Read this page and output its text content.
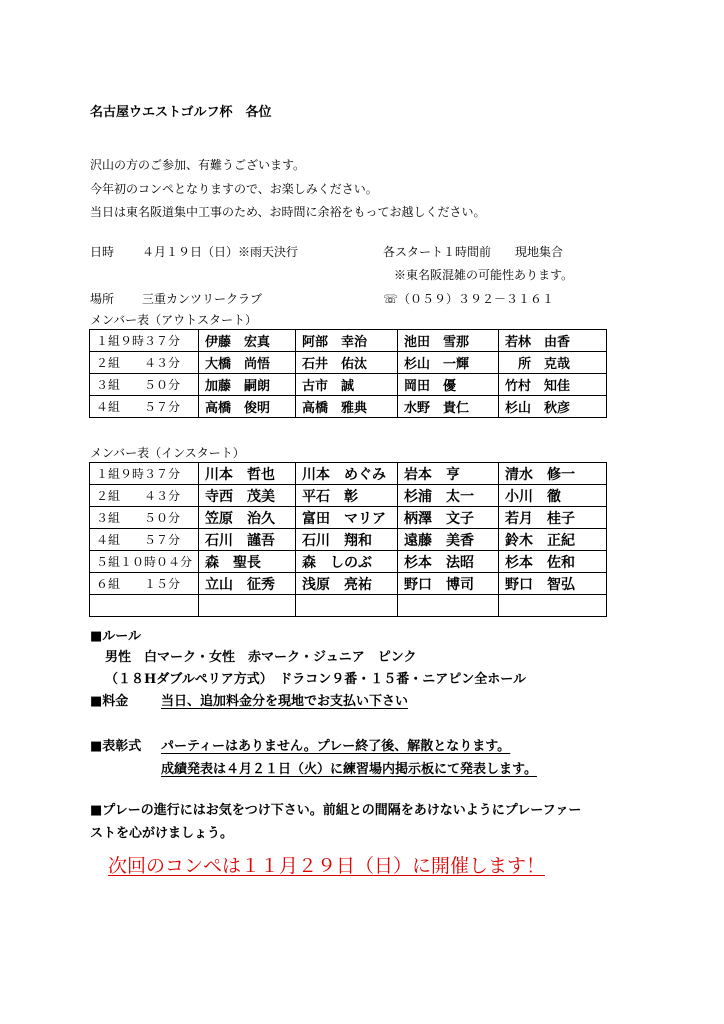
名古屋ウエストゴルフ杯　各位
沢山の方のご参加、有難うございます。
今年初のコンペとなりますので、お楽しみください。
当日は東名阪道集中工事のため、お時間に余裕をもってお越しください。
日時 ４月１９日（日）※雨天決行	各スタート１時間前　　現地集合
※東名阪混雑の可能性あります。
場所 三重カンツリークラブ	☏（０５９）３９２－３１６１
メンバー表（アウトスタート）
１組９時３７分	伊藤　宏真	阿部　幸治	池田　雪那	若林　由香
２組　　４３分	大橋　尚悟	石井　佑汰	杉山　一輝	　所　克哉
３組　　５０分	加藤　嗣朗	古市　誠	岡田　優	竹村　知佳
４組　　５７分	高橋　俊明	高橋　雅典	水野　貴仁	杉山　秋彦
メンバー表（インスタート）
１組９時３７分	川本　哲也	川本　めぐみ	岩本　亨	清水　修一
２組　　４３分	寺西　茂美	平石　彰	杉浦　太一	小川　徹
３組　　５０分	笠原　治久	富田　マリア	柄澤　文子	若月　桂子
４組　　５７分	石川　謹吾	石川　翔和	遠藤　美香	鈴木　正紀
５組１０時０４分	森　聖長	森　しのぶ	杉本　法昭	杉本　佐和
６組　　１５分	立山　征秀	浅原　亮祐	野口　博司	野口　智弘

■ルール
男性　白マーク・女性　赤マーク・ジュニア　ピンク
（１８Hダブルペリア方式）　ドラコン９番・１５番・ニアピン全ホール
■料金	当日、追加料金分を現地でお支払い下さい
■表彰式 パーティーはありません。プレー終了後、解散となります。
成績発表は４月２１日（火）に練習場内掲示板にて発表します。
■プレーの進行にはお気をつけ下さい。前組との間隔をあけないようにプレーファー
ストを心がけましょう。
次回のコンペは１１月２９日（日）に開催します！
